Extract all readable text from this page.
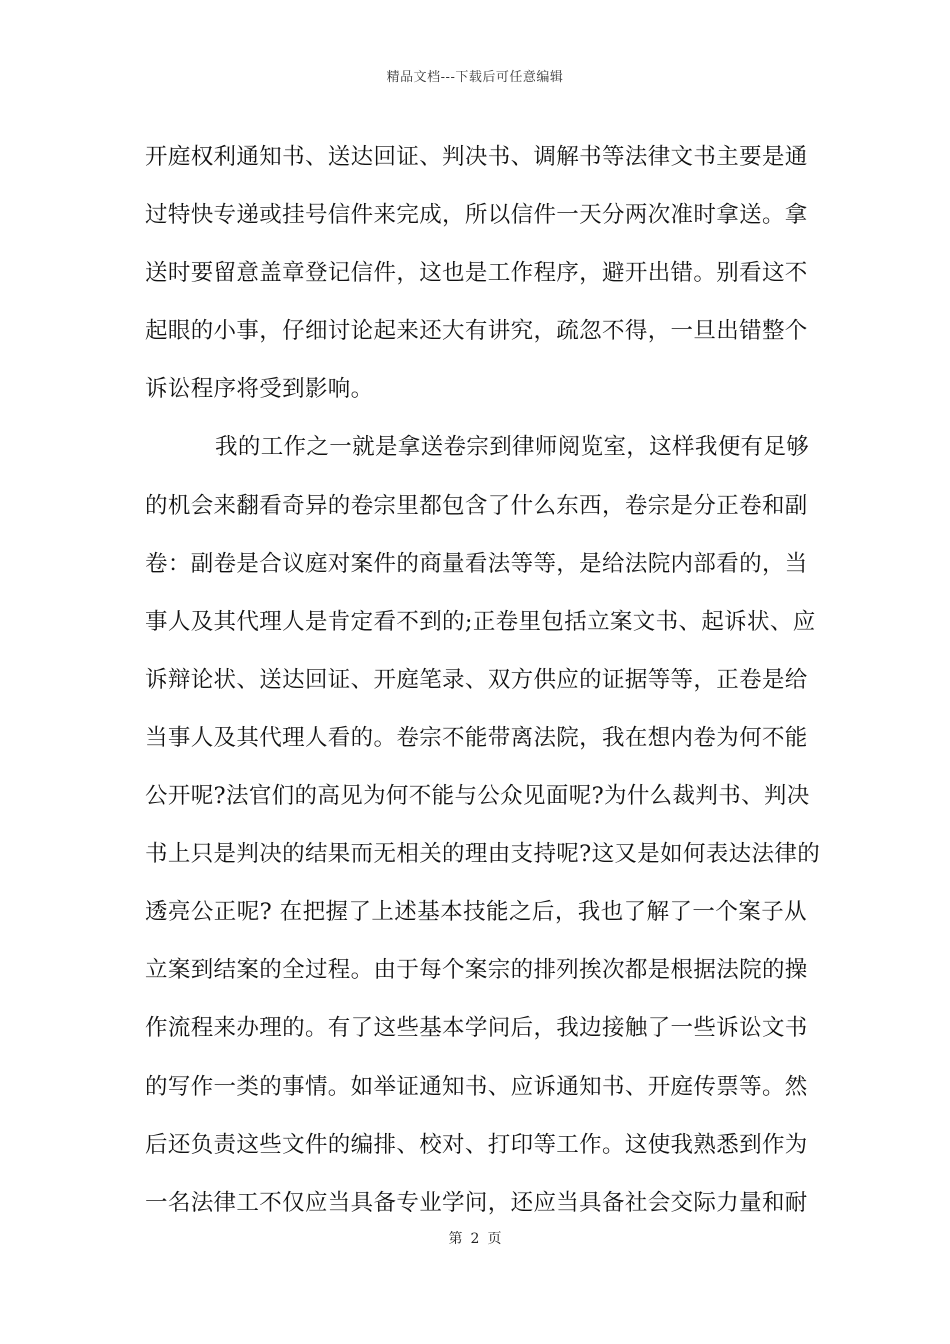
精品文档---下载后可任意编辑
开庭权利通知书、送达回证、判决书、调解书等法律文书主要是通
过特快专递或挂号信件来完成，所以信件一天分两次准时拿送。拿
送时要留意盖章登记信件，这也是工作程序，避开出错。别看这不
起眼的小事，仔细讨论起来还大有讲究，疏忽不得，一旦出错整个
诉讼程序将受到影响。
我的工作之一就是拿送卷宗到律师阅览室，这样我便有足够
的机会来翻看奇异的卷宗里都包含了什么东西，卷宗是分正卷和副
卷：副卷是合议庭对案件的商量看法等等，是给法院内部看的，当
事人及其代理人是肯定看不到的;正卷里包括立案文书、起诉状、应
诉辩论状、送达回证、开庭笔录、双方供应的证据等等，正卷是给
当事人及其代理人看的。卷宗不能带离法院，我在想内卷为何不能
公开呢?法官们的高见为何不能与公众见面呢?为什么裁判书、判决
书上只是判决的结果而无相关的理由支持呢?这又是如何表达法律的
透亮公正呢? 在把握了上述基本技能之后，我也了解了一个案子从
立案到结案的全过程。由于每个案宗的排列挨次都是根据法院的操
作流程来办理的。有了这些基本学问后，我边接触了一些诉讼文书
的写作一类的事情。如举证通知书、应诉通知书、开庭传票等。然
后还负责这些文件的编排、校对、打印等工作。这使我熟悉到作为
一名法律工不仅应当具备专业学问，还应当具备社会交际力量和耐
第 2 页
